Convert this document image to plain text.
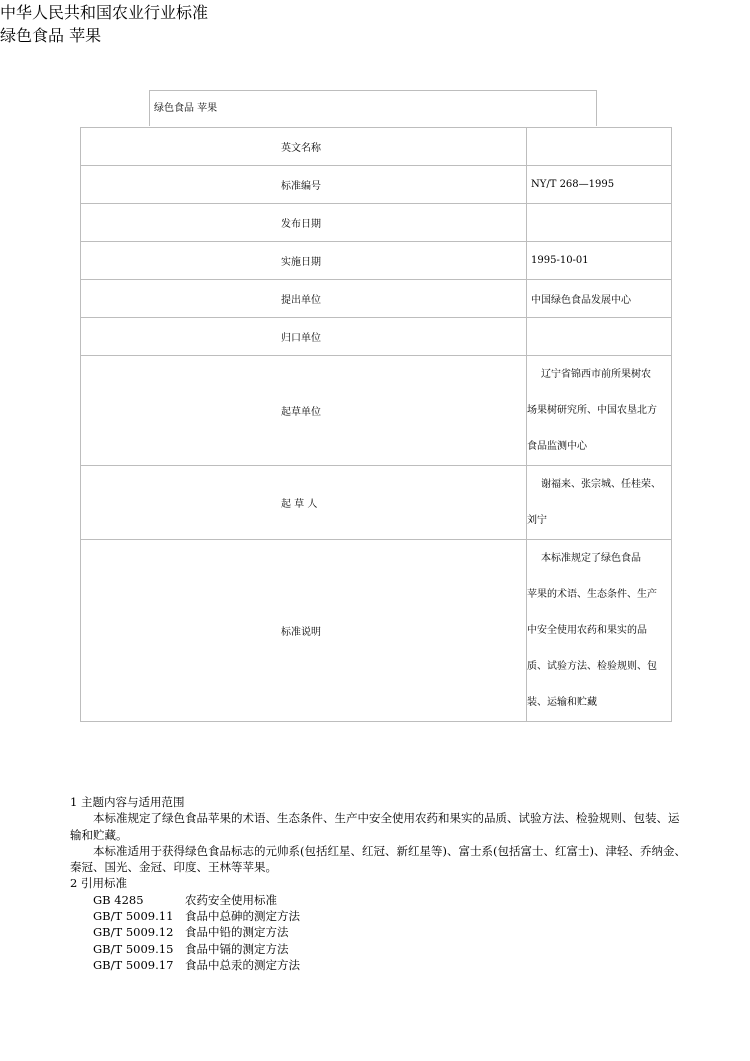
绿色食品 苹果
英文名称	
标准编号	NY/T 268—1995
发布日期	
实施日期	1995-10-01
提出单位	中国绿色食品发展中心
归口单位	
起草单位	辽宁省锦西市前所果树农
场果树研究所、中国农垦北方
食品监测中心

起 草 人	谢福来、张宗城、任桂荣、
刘宁

标准说明	本标准规定了绿色食品
苹果的术语、生态条件、生产
中安全使用农药和果实的品
质、试验方法、检验规则、包
装、运输和贮藏
中华人民共和国农业行业标准
绿色食品 苹果

1 主题内容与适用范围

本标准规定了绿色食品苹果的术语、生态条件、生产中安全使用农药和果实的品质、试验方法、检验规则、包装、运输和贮藏。

本标准适用于获得绿色食品标志的元帅系(包括红星、红冠、新红星等)、富士系(包括富士、红富士)、津轻、乔纳金、秦冠、国光、金冠、印度、王林等苹果。

2 引用标准

GB 4285	农药安全使用标准

GB/T 5009.11 食品中总砷的测定方法

GB/T 5009.12 食品中铅的测定方法

GB/T 5009.15 食品中镉的测定方法

GB/T 5009.17 食品中总汞的测定方法
